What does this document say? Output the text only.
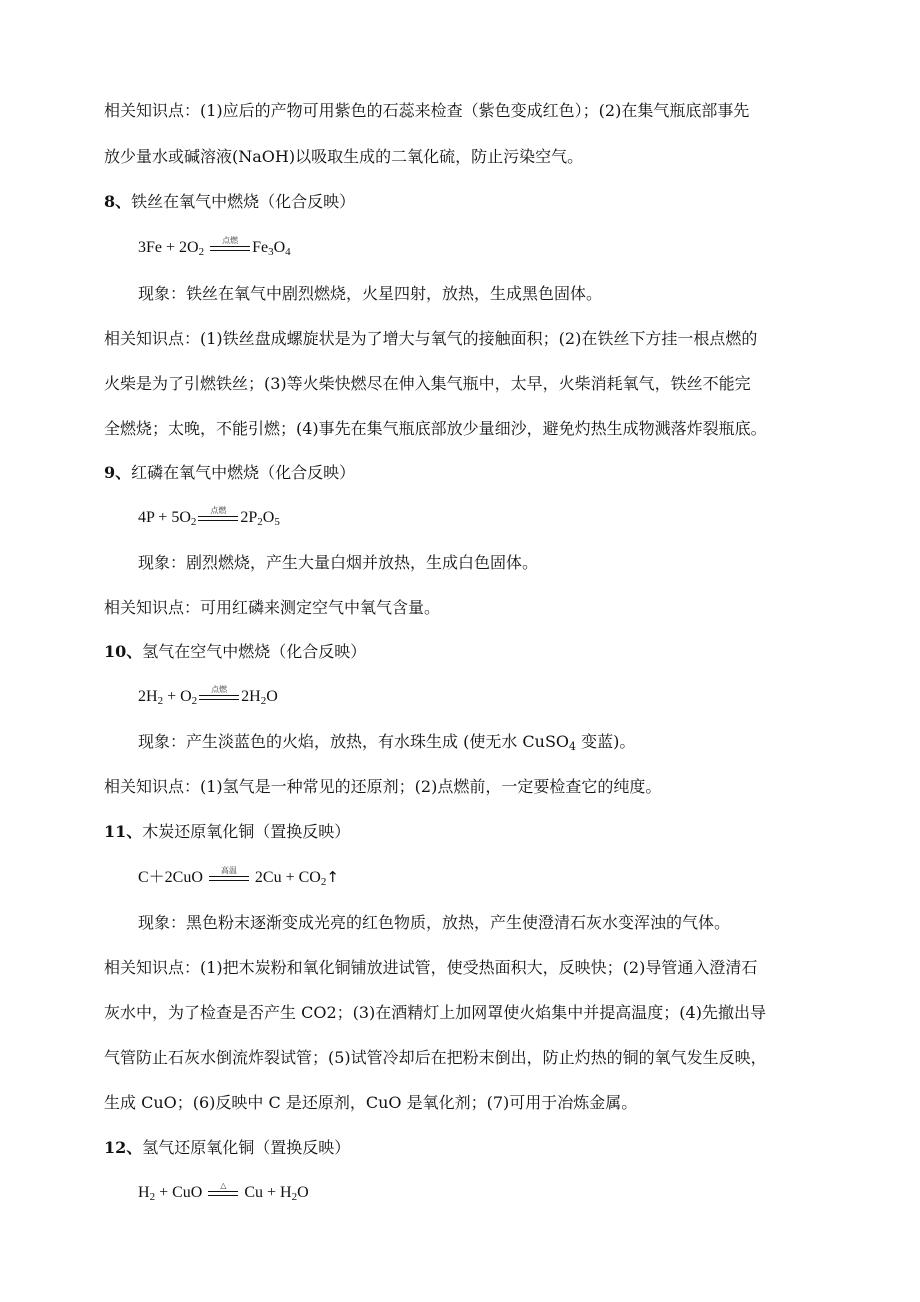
相关知识点：(1)应后的产物可用紫色的石蕊来检查（紫色变成红色）；(2)在集气瓶底部事先
放少量水或碱溶液(NaOH)以吸取生成的二氧化硫，防止污染空气。
8、铁丝在氧气中燃烧（化合反映）
$3Fe + 2O_2$
点燃 $Fe_3O_4$
现象：铁丝在氧气中剧烈燃烧，火星四射，放热，生成黑色固体。
相关知识点：(1)铁丝盘成螺旋状是为了增大与氧气的接触面积；(2)在铁丝下方挂一根点燃的
火柴是为了引燃铁丝；(3)等火柴快燃尽在伸入集气瓶中，太早，火柴消耗氧气，铁丝不能完
全燃烧；太晚，不能引燃；(4)事先在集气瓶底部放少量细沙，避免灼热生成物溅落炸裂瓶底。
9、红磷在氧气中燃烧（化合反映）
$4P + 5O_2$
点燃 $2P_2O_5$
现象：剧烈燃烧，产生大量白烟并放热，生成白色固体。
相关知识点：可用红磷来测定空气中氧气含量。
10、氢气在空气中燃烧（化合反映）
$2H_2 + O_2$
点燃 $2H_2O$
现象：产生淡蓝色的火焰，放热，有水珠生成 (使无水 CuSO$_4$ 变蓝)。
相关知识点：(1)氢气是一种常见的还原剂；(2)点燃前，一定要检查它的纯度。
11、木炭还原氧化铜（置换反映）
C＋2CuO	高温	$2Cu + CO_2↑$
现象：黑色粉末逐渐变成光亮的红色物质，放热，产生使澄清石灰水变浑浊的气体。
相关知识点：(1)把木炭粉和氧化铜铺放进试管，使受热面积大，反映快；(2)导管通入澄清石
灰水中，为了检查是否产生 CO2；(3)在酒精灯上加网罩使火焰集中并提高温度；(4)先撤出导
气管防止石灰水倒流炸裂试管；(5)试管冷却后在把粉末倒出，防止灼热的铜的氧气发生反映，
生成 CuO；(6)反映中 C 是还原剂，CuO 是氧化剂；(7)可用于冶炼金属。
12、氢气还原氧化铜（置换反映）
$H_2$ + CuO	△	$Cu + H_2O$
